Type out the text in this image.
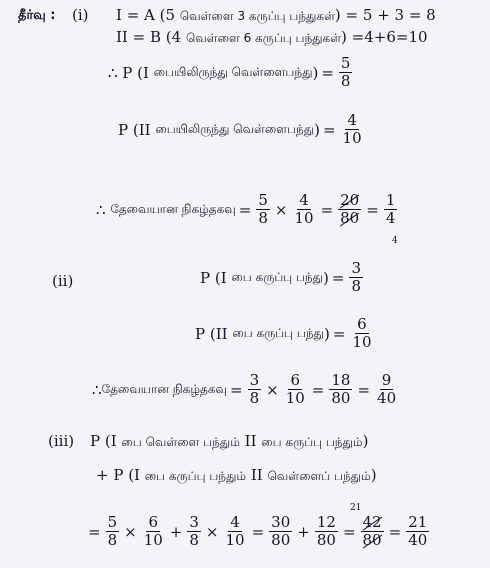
தீர்வு : (i) I = A (5 வெள்ளை 3 கருப்பு பந்துகள்) = 5 + 3 = 8
II = B (4 வெள்ளை 6 கருப்பு பந்துகள்) =4+6=10
∴ P (I
பையிலிருந்து வெள்ளைபந்து ) = $\frac{5}{8}$
P (II
பையிலிருந்து வெள்ளைபந்து ) = $\frac{4}{10}$
∴
தேவையான நிகழ்தகவு = $\frac{5}{8} \times \frac{4}{10} = \frac{20}{80} = \frac{1}{4}$
4
(ii)	P (I
பை கருப்பு பந்து ) = $\frac{3}{8}$
P (II
பை கருப்பு பந்து ) = $\frac{6}{10}$
∴ தேவையான நிகழ்தகவு = $\frac{3}{8} \times \frac{6}{10} = \frac{18}{80} = \frac{9}{40}$
(iii) P (I பை வெள்ளை பந்தும் II பை கருப்பு பந்தும்)
+ P (I பை கருப்பு பந்தும் II வெள்ளைப் பந்தும்)
= $\frac{5}{8} \times \frac{6}{10} + \frac{3}{8} \times \frac{4}{10} = \frac{30}{80} + \frac{12}{80} = \frac{42}{80} = \frac{21}{40}$
21
